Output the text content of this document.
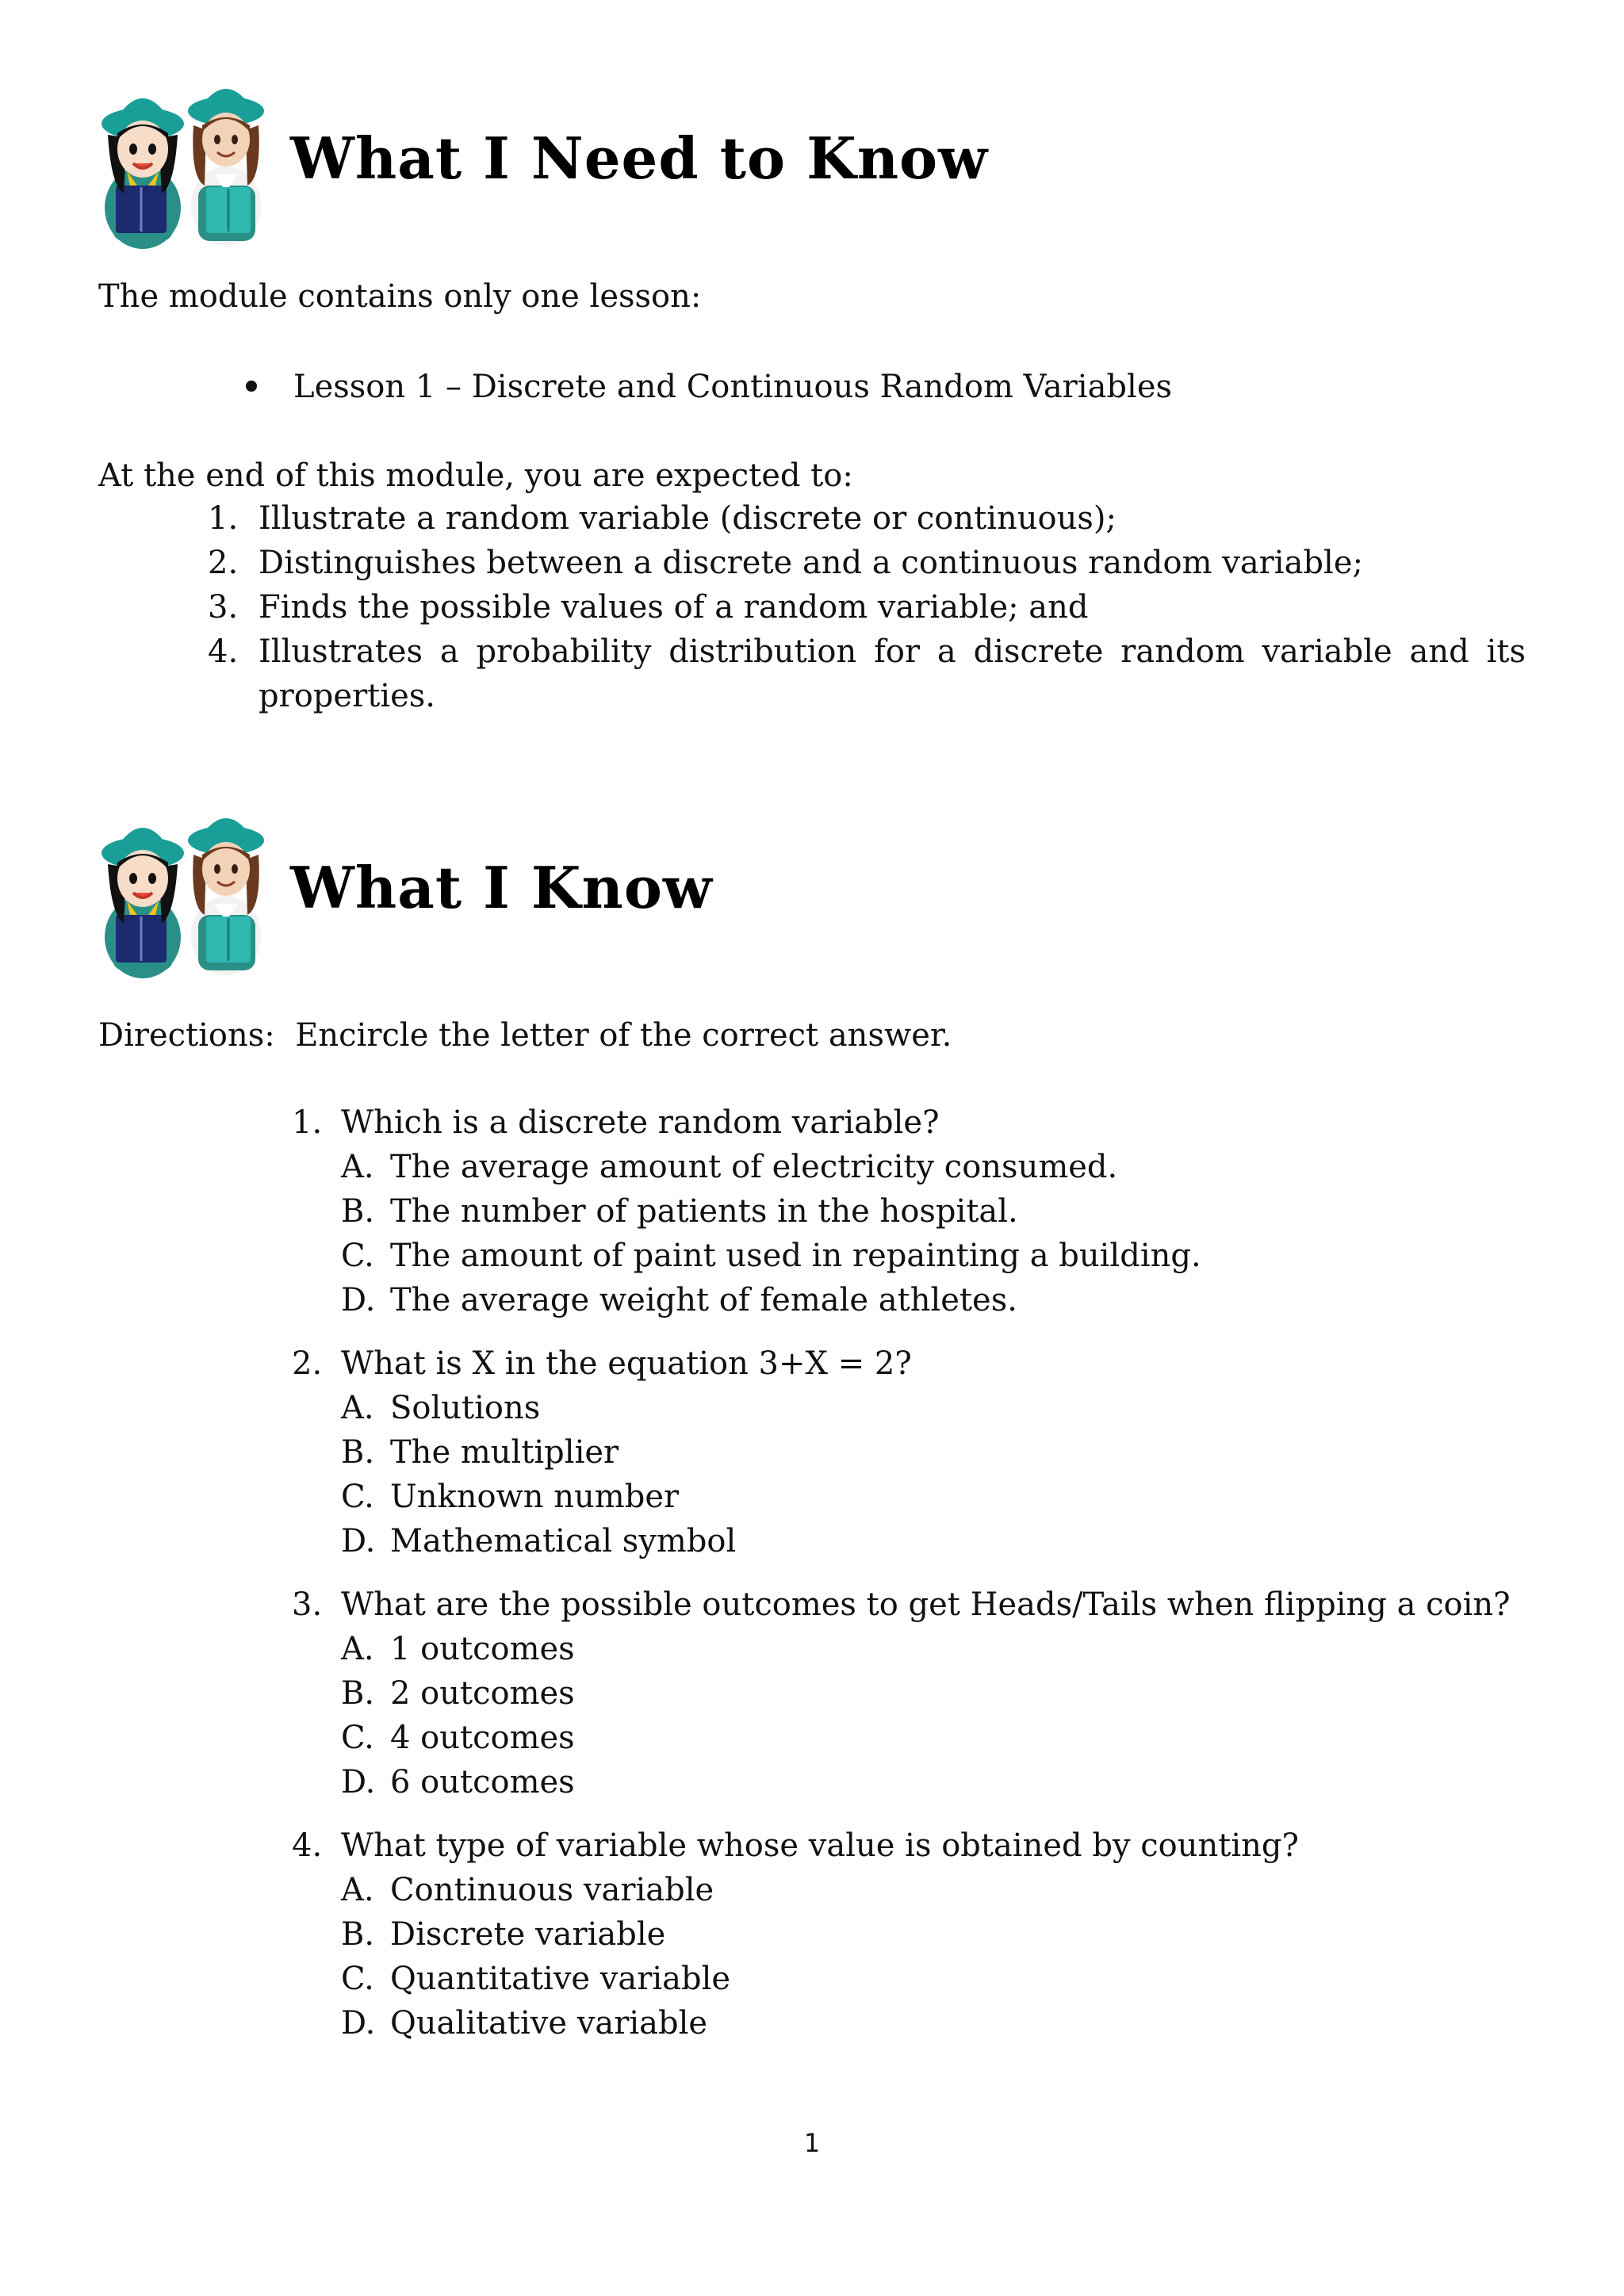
What I Need to Know
The module contains only one lesson:
Lesson 1 – Discrete and Continuous Random Variables
At the end of this module, you are expected to:
1. Illustrate a random variable (discrete or continuous);
2. Distinguishes between a discrete and a continuous random variable;
3. Finds the possible values of a random variable; and
4. Illustrates a probability distribution for a discrete random variable and its properties.
What I Know
Directions: Encircle the letter of the correct answer.
1. Which is a discrete random variable?
A. The average amount of electricity consumed.
B. The number of patients in the hospital.
C. The amount of paint used in repainting a building.
D. The average weight of female athletes.
2. What is X in the equation 3+X = 2?
A. Solutions
B. The multiplier
C. Unknown number
D. Mathematical symbol
3. What are the possible outcomes to get Heads/Tails when flipping a coin?
A. 1 outcomes
B. 2 outcomes
C. 4 outcomes
D. 6 outcomes
4. What type of variable whose value is obtained by counting?
A. Continuous variable
B. Discrete variable
C. Quantitative variable
D. Qualitative variable
1
